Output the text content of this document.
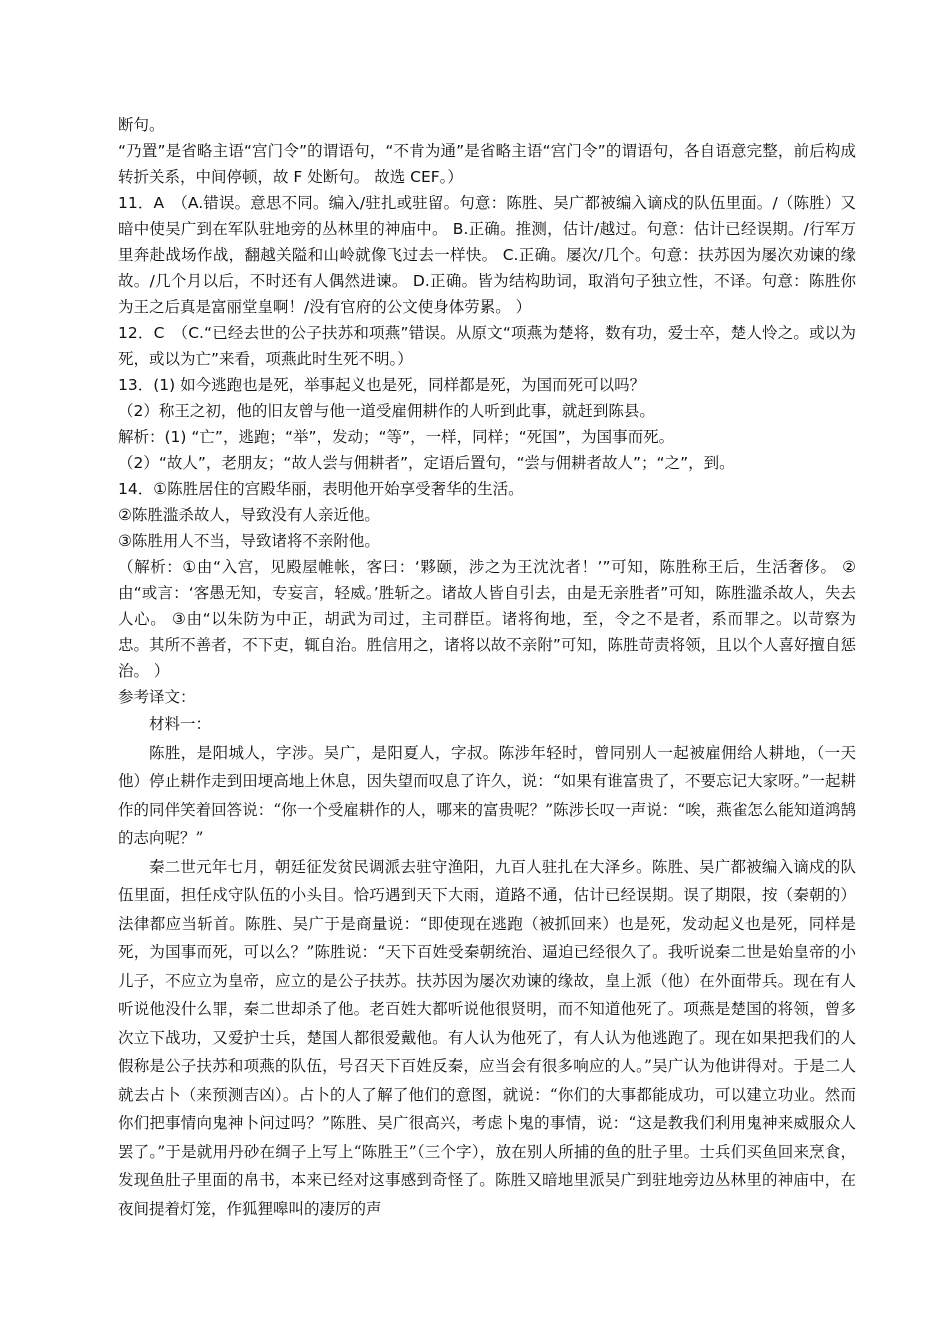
断句。

“乃置”是省略主语“宫门令”的谓语句，“不肯为通”是省略主语“宫门令”的谓语句，各自语意完整，前后构成转折关系，中间停顿，故 F 处断句。 故选 CEF。）

11．A　（A.错误。意思不同。编入/驻扎或驻留。句意：陈胜、吴广都被编入谪戍的队伍里面。/（陈胜）又暗中使吴广到在军队驻地旁的丛林里的神庙中。 B.正确。推测，估计/越过。句意：估计已经误期。/行军万里奔赴战场作战，翻越关隘和山岭就像飞过去一样快。 C.正确。屡次/几个。句意：扶苏因为屡次劝谏的缘故。/几个月以后，不时还有人偶然进谏。 D.正确。皆为结构助词，取消句子独立性，不译。句意：陈胜你为王之后真是富丽堂皇啊！/没有官府的公文使身体劳累。 ）

12．C　（C.“已经去世的公子扶苏和项燕”错误。从原文“项燕为楚将，数有功，爱士卒，楚人怜之。或以为死，或以为亡”来看，项燕此时生死不明。）

13．(1) 如今逃跑也是死，举事起义也是死，同样都是死，为国而死可以吗？

（2）称王之初，他的旧友曾与他一道受雇佣耕作的人听到此事，就赶到陈县。

解析：(1) “亡”，逃跑；“举”，发动；“等”，一样，同样；“死国”，为国事而死。

（2）“故人”，老朋友；“故人尝与佣耕者”，定语后置句，“尝与佣耕者故人”；“之”，到。

14．①陈胜居住的宫殿华丽，表明他开始享受奢华的生活。

②陈胜滥杀故人，导致没有人亲近他。

③陈胜用人不当，导致诸将不亲附他。

（解析：①由“入宫，见殿屋帷帐，客曰：‘夥颐，涉之为王沈沈者！’”可知，陈胜称王后，生活奢侈。 ②由“或言：‘客愚无知，专妄言，轻威。’胜斩之。诸故人皆自引去，由是无亲胜者”可知，陈胜滥杀故人，失去人心。 ③由“以朱防为中正，胡武为司过，主司群臣。诸将徇地，至，令之不是者，系而罪之。以苛察为忠。其所不善者，不下吏，辄自治。胜信用之，诸将以故不亲附”可知，陈胜苛责将领，且以个人喜好擅自惩治。 ）

参考译文：

材料一：

陈胜，是阳城人，字涉。吴广，是阳夏人，字叔。陈涉年轻时，曾同别人一起被雇佣给人耕地，（一天他）停止耕作走到田埂高地上休息，因失望而叹息了许久，说：“如果有谁富贵了，不要忘记大家呀。”一起耕作的同伴笑着回答说：“你一个受雇耕作的人，哪来的富贵呢？”陈涉长叹一声说：“唉，燕雀怎么能知道鸿鹄的志向呢？”

秦二世元年七月，朝廷征发贫民调派去驻守渔阳，九百人驻扎在大泽乡。陈胜、吴广都被编入谪戍的队伍里面，担任戍守队伍的小头目。恰巧遇到天下大雨，道路不通，估计已经误期。误了期限，按（秦朝的）法律都应当斩首。陈胜、吴广于是商量说：“即使现在逃跑（被抓回来）也是死，发动起义也是死，同样是死，为国事而死，可以么？”陈胜说：“天下百姓受秦朝统治、逼迫已经很久了。我听说秦二世是始皇帝的小儿子，不应立为皇帝，应立的是公子扶苏。扶苏因为屡次劝谏的缘故，皇上派（他）在外面带兵。现在有人听说他没什么罪，秦二世却杀了他。老百姓大都听说他很贤明，而不知道他死了。项燕是楚国的将领，曾多次立下战功，又爱护士兵，楚国人都很爱戴他。有人认为他死了，有人认为他逃跑了。现在如果把我们的人假称是公子扶苏和项燕的队伍，号召天下百姓反秦，应当会有很多响应的人。”吴广认为他讲得对。于是二人就去占卜（来预测吉凶）。占卜的人了解了他们的意图，就说：“你们的大事都能成功，可以建立功业。然而你们把事情向鬼神卜问过吗？”陈胜、吴广很高兴，考虑卜鬼的事情，说：“这是教我们利用鬼神来威服众人罢了。”于是就用丹砂在绸子上写上“陈胜王”（三个字），放在别人所捕的鱼的肚子里。士兵们买鱼回来烹食，发现鱼肚子里面的帛书，本来已经对这事感到奇怪了。陈胜又暗地里派吴广到驻地旁边丛林里的神庙中，在夜间提着灯笼，作狐狸嗥叫的凄厉的声
